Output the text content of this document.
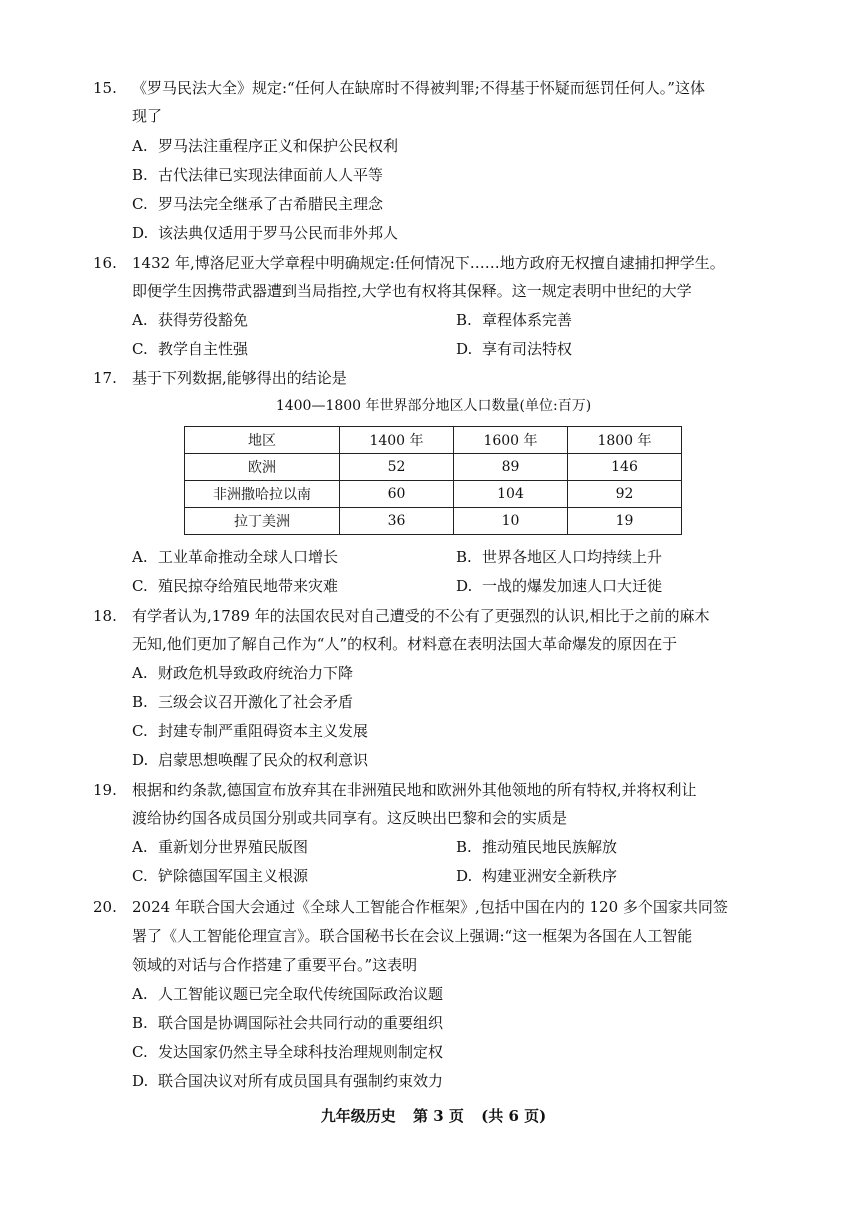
15. 《罗马民法大全》规定:“任何人在缺席时不得被判罪;不得基于怀疑而惩罚任何人。”这体
现了
A. 罗马法注重程序正义和保护公民权利
B. 古代法律已实现法律面前人人平等
C. 罗马法完全继承了古希腊民主理念
D. 该法典仅适用于罗马公民而非外邦人
16. 1432 年,博洛尼亚大学章程中明确规定:任何情况下……地方政府无权擅自逮捕扣押学生。
即便学生因携带武器遭到当局指控,大学也有权将其保释。这一规定表明中世纪的大学
A. 获得劳役豁免	B. 章程体系完善
C. 教学自主性强	D. 享有司法特权
17. 基于下列数据,能够得出的结论是
1400—1800 年世界部分地区人口数量(单位:百万)
地区	1400 年	1600 年	1800 年
欧洲	52	89	146
非洲撒哈拉以南	60	104	92
拉丁美洲	36	10	19
A. 工业革命推动全球人口增长	B. 世界各地区人口均持续上升
C. 殖民掠夺给殖民地带来灾难	D. 一战的爆发加速人口大迁徙
18. 有学者认为,1789 年的法国农民对自己遭受的不公有了更强烈的认识,相比于之前的麻木
无知,他们更加了解自己作为“人”的权利。材料意在表明法国大革命爆发的原因在于
A. 财政危机导致政府统治力下降
B. 三级会议召开激化了社会矛盾
C. 封建专制严重阻碍资本主义发展
D. 启蒙思想唤醒了民众的权利意识
19. 根据和约条款,德国宣布放弃其在非洲殖民地和欧洲外其他领地的所有特权,并将权利让
渡给协约国各成员国分别或共同享有。这反映出巴黎和会的实质是
A. 重新划分世界殖民版图	B. 推动殖民地民族解放
C. 铲除德国军国主义根源	D. 构建亚洲安全新秩序
20. 2024 年联合国大会通过《全球人工智能合作框架》,包括中国在内的 120 多个国家共同签
署了《人工智能伦理宣言》。联合国秘书长在会议上强调:“这一框架为各国在人工智能
领域的对话与合作搭建了重要平台。”这表明
A. 人工智能议题已完全取代传统国际政治议题
B. 联合国是协调国际社会共同行动的重要组织
C. 发达国家仍然主导全球科技治理规则制定权
D. 联合国决议对所有成员国具有强制约束效力
九年级历史 第 3 页 (共 6 页)
